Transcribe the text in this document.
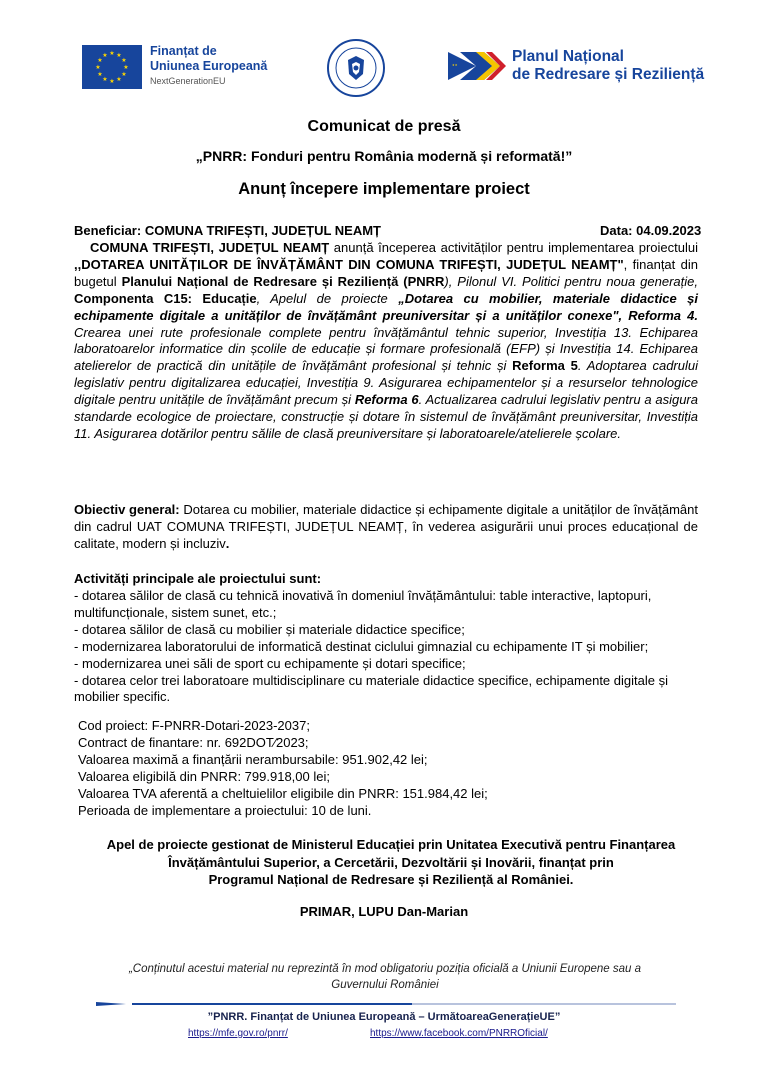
★ ★
★
★
★
★
★
★
★
★
★
★	Finanțat de
Uniunea Europeană
NextGenerationEU
★★	Planul Național
de Redresare și Reziliență
Comunicat de presă
„PNRR: Fonduri pentru România modernă și reformată!”
Anunț începere implementare proiect
Beneficiar: COMUNA TRIFEȘTI, JUDEȚUL NEAMȚ	Data: 04.09.2023
COMUNA TRIFEȘTI, JUDEȚUL NEAMȚ anunță începerea activităților pentru implementarea proiectului ,,DOTAREA UNITĂȚILOR DE ÎNVĂȚĂMÂNT DIN COMUNA TRIFEȘTI, JUDEȚUL NEAMȚ", finanțat din bugetul Planului Național de Redresare și Reziliență (PNRR), Pilonul VI. Politici pentru noua generație, Componenta C15: Educație, Apelul de proiecte „Dotarea cu mobilier, materiale didactice și echipamente digitale a unităților de învățământ preuniversitar și a unităților conexe", Reforma 4. Crearea unei rute profesionale complete pentru învățământul tehnic superior, Investiția 13. Echiparea laboratoarelor informatice din școlile de educație și formare profesională (EFP) și Investiția 14. Echiparea atelierelor de practică din unitățile de învățământ profesional și tehnic și Reforma 5. Adoptarea cadrului legislativ pentru digitalizarea educației, Investiția 9. Asigurarea echipamentelor și a resurselor tehnologice digitale pentru unitățile de învățământ precum și Reforma 6. Actualizarea cadrului legislativ pentru a asigura standarde ecologice de proiectare, construcție și dotare în sistemul de învățământ preuniversitar, Investiția 11. Asigurarea dotărilor pentru sălile de clasă preuniversitare și laboratoarele/atelierele școlare.
Obiectiv general: Dotarea cu mobilier, materiale didactice și echipamente digitale a unităților de învățământ din cadrul UAT COMUNA TRIFEȘTI, JUDEȚUL NEAMȚ, în vederea asigurării unui proces educațional de calitate, modern și incluziv.
Activități principale ale proiectului sunt:
- dotarea sălilor de clasă cu tehnică inovativă în domeniul învățământului: table interactive, laptopuri, multifuncționale, sistem sunet, etc.;
- dotarea sălilor de clasă cu mobilier și materiale didactice specifice;
- modernizarea laboratorului de informatică destinat ciclului gimnazial cu echipamente IT și mobilier;
- modernizarea unei săli de sport cu echipamente și dotari specifice;
- dotarea celor trei laboratoare multidisciplinare cu materiale didactice specifice, echipamente digitale și mobilier specific.
Cod proiect: F-PNRR-Dotari-2023-2037;
Contract de finantare: nr. 692DOT∕2023;
Valoarea maximă a finanțării nerambursabile: 951.902,42 lei;
Valoarea eligibilă din PNRR: 799.918,00 lei;
Valoarea TVA aferentă a cheltuielilor eligibile din PNRR: 151.984,42 lei;
Perioada de implementare a proiectului: 10 de luni.
Apel de proiecte gestionat de Ministerul Educației prin Unitatea Executivă pentru Finanțarea
Învățământului Superior, a Cercetării, Dezvoltării și Inovării, finanțat prin
Programul Național de Redresare și Reziliență al României.
PRIMAR, LUPU Dan-Marian
„Conținutul acestui material nu reprezintă în mod obligatoriu poziția oficială a Uniunii Europene sau a Guvernului României
”PNRR. Finanțat de Uniunea Europeană – UrmătoareaGenerațieUE”
https://mfe.gov.ro/pnrr/	https://www.facebook.com/PNRROficial/
